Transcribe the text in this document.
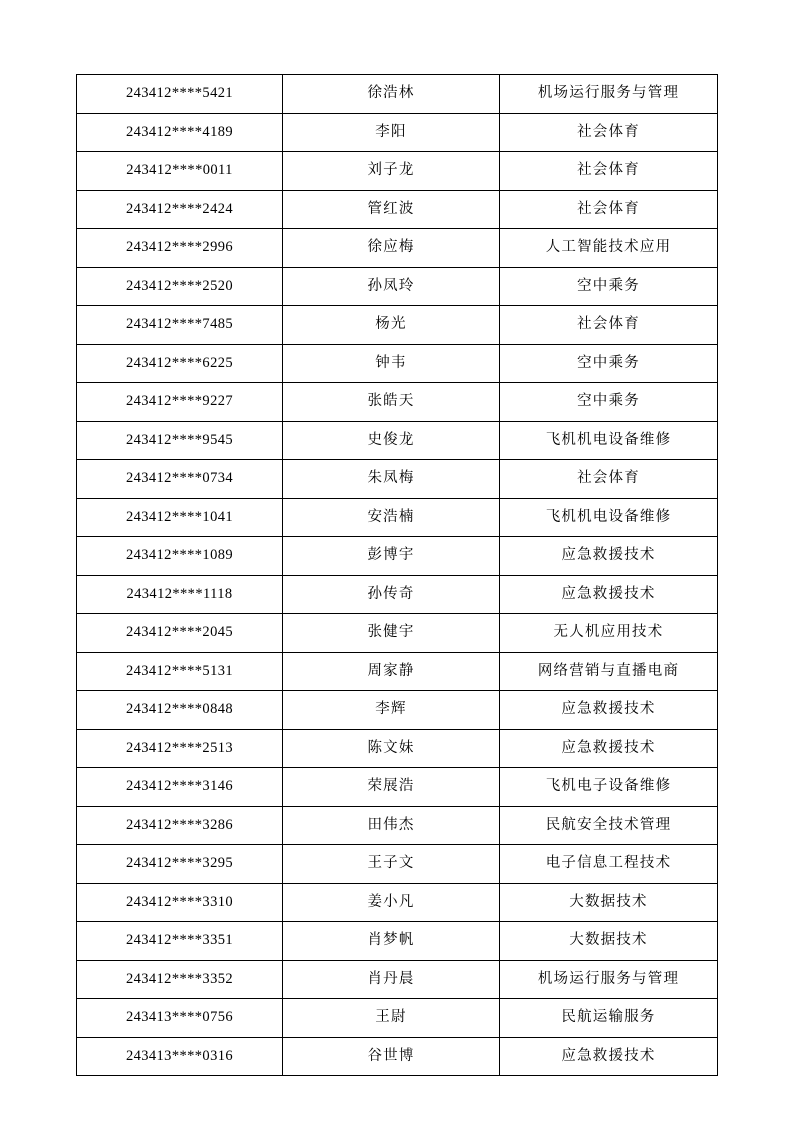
243412****5421	徐浩林	机场运行服务与管理
243412****4189	李阳	社会体育
243412****0011	刘子龙	社会体育
243412****2424	管红波	社会体育
243412****2996	徐应梅	人工智能技术应用
243412****2520	孙凤玲	空中乘务
243412****7485	杨光	社会体育
243412****6225	钟韦	空中乘务
243412****9227	张皓天	空中乘务
243412****9545	史俊龙	飞机机电设备维修
243412****0734	朱凤梅	社会体育
243412****1041	安浩楠	飞机机电设备维修
243412****1089	彭博宇	应急救援技术
243412****1118	孙传奇	应急救援技术
243412****2045	张健宇	无人机应用技术
243412****5131	周家静	网络营销与直播电商
243412****0848	李辉	应急救援技术
243412****2513	陈文妹	应急救援技术
243412****3146	荣展浩	飞机电子设备维修
243412****3286	田伟杰	民航安全技术管理
243412****3295	王子文	电子信息工程技术
243412****3310	姜小凡	大数据技术
243412****3351	肖梦帆	大数据技术
243412****3352	肖丹晨	机场运行服务与管理
243413****0756	王尉	民航运输服务
243413****0316	谷世博	应急救援技术
